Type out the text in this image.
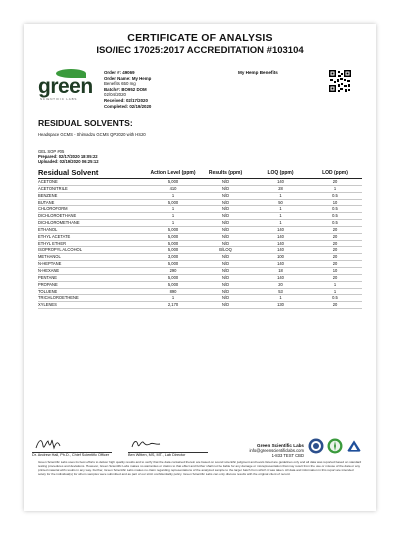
CERTIFICATE OF ANALYSIS
ISO/IEC 17025:2017 ACCREDITATION #103104
green
SCIENTIFIC LABS
Order #: 49069
Order Name: My Hemp
Benefits 650 mg
Batch#: BO952 DOM
02/04/2020
Received: 02/17/2020
Completed: 02/19/2020
My Hemp Benefits
RESIDUAL SOLVENTS:
Headspace GCMS - Shimadzu GCMS QP2020 with HS20
GEL SOP #05
Prepared: 02/17/2020 18:05:22
Uploaded: 02/19/2020 06:25:12
Residual Solvent	Action Level (ppm)	Results (ppm)	LOQ (ppm)	LOD (ppm)
ACETONE	5,000	N/D	140	20
ACETONITRILE	410	N/D	28	1
BENZENE	1	N/D	1	0.5
BUTANE	5,000	N/D	50	10
CHLOROFORM	1	N/D	1	0.5
DICHLOROETHANE	1	N/D	1	0.5
DICHLOROMETHANE	1	N/D	1	0.5
ETHANOL	5,000	N/D	140	20
ETHYL ACETATE	5,000	N/D	140	20
ETHYL ETHER	5,000	N/D	140	20
ISOPROPYL ALCOHOL	5,000	B/LOQ	140	20
METHANOL	3,000	N/D	100	20
N-HEPTANE	5,000	N/D	140	20
N-HEXANE	290	N/D	18	10
PENTANE	5,000	N/D	140	20
PROPANE	5,000	N/D	20	1
TOLUENE	890	N/D	53	1
TRICHLOROETHENE	1	N/D	1	0.5
XYLENES	2,170	N/D	130	20
Dr. Andrew Hall, Ph.D., Chief Scientific Officer	Ben Witten, MS, MT., Lab Director
Green Scientific Labs
info@greenscientificlabs.com
1-833 TEST CBD
Green Scientific Labs uses its best efforts to deliver high quality results and to verify that the data contained therein are based on sound scientific judgment and levels listed are guidelines only and all data was reported based on standard testing procedures and deviations. However, Green Scientific Labs makes no warranties or claims to that effect and further shall not be liable for any damage or misrepresentation that may result from the use or misuse of the data or any printed material with results in any way. Further, Green Scientific Labs makes no claim regarding representations of the analyzed sample to the larger batch from which it was taken. All data and information in this report are intended solely for the individual(s) for whom samples were submitted and as part of our strict confidentiality policy. Green Scientific Labs can only discuss results with the original client of record.
